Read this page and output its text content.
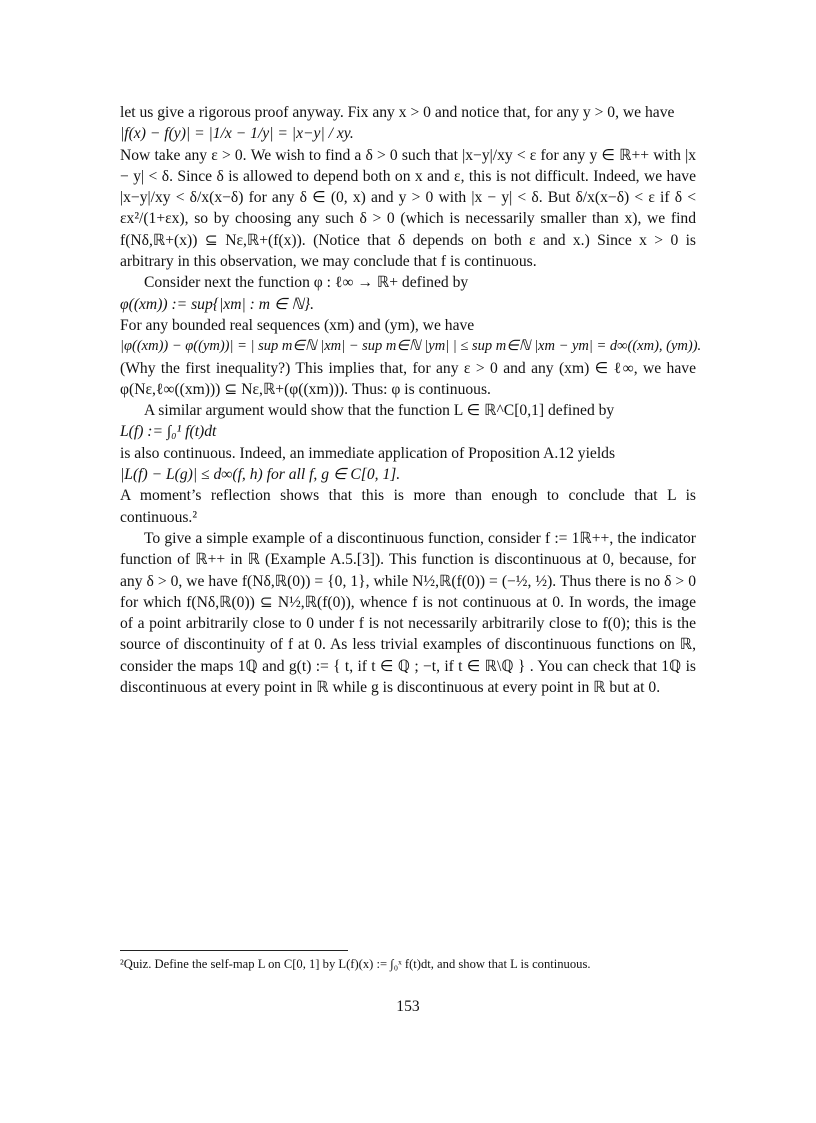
let us give a rigorous proof anyway. Fix any x > 0 and notice that, for any y > 0, we have

|f(x) − f(y)| = |1/x − 1/y| = |x−y| / xy.

Now take any ε > 0. We wish to find a δ > 0 such that |x−y|/xy < ε for any y ∈ ℝ++ with |x − y| < δ. Since δ is allowed to depend both on x and ε, this is not difficult. Indeed, we have |x−y|/xy < δ/x(x−δ) for any δ ∈ (0, x) and y > 0 with |x − y| < δ. But δ/x(x−δ) < ε if δ < εx²/(1+εx), so by choosing any such δ > 0 (which is necessarily smaller than x), we find f(Nδ,ℝ+(x)) ⊆ Nε,ℝ+(f(x)). (Notice that δ depends on both ε and x.) Since x > 0 is arbitrary in this observation, we may conclude that f is continuous.

Consider next the function φ : ℓ∞ → ℝ+ defined by

φ((xm)) := sup{|xm| : m ∈ ℕ}.

For any bounded real sequences (xm) and (ym), we have

|φ((xm)) − φ((ym))| = | sup m∈ℕ |xm| − sup m∈ℕ |ym| | ≤ sup m∈ℕ |xm − ym| = d∞((xm), (ym)).

(Why the first inequality?) This implies that, for any ε > 0 and any (xm) ∈ ℓ∞, we have φ(Nε,ℓ∞((xm))) ⊆ Nε,ℝ+(φ((xm))). Thus: φ is continuous.

A similar argument would show that the function L ∈ ℝ^C[0,1] defined by

L(f) := ∫₀¹ f(t)dt

is also continuous. Indeed, an immediate application of Proposition A.12 yields

|L(f) − L(g)| ≤ d∞(f, h) for all f, g ∈ C[0, 1].

A moment’s reflection shows that this is more than enough to conclude that L is continuous.²

To give a simple example of a discontinuous function, consider f := 1ℝ++, the indicator function of ℝ++ in ℝ (Example A.5.[3]). This function is discontinuous at 0, because, for any δ > 0, we have f(Nδ,ℝ(0)) = {0, 1}, while N½,ℝ(f(0)) = (−½, ½). Thus there is no δ > 0 for which f(Nδ,ℝ(0)) ⊆ N½,ℝ(f(0)), whence f is not continuous at 0. In words, the image of a point arbitrarily close to 0 under f is not necessarily arbitrarily close to f(0); this is the source of discontinuity of f at 0. As less trivial examples of discontinuous functions on ℝ, consider the maps 1ℚ and g(t) := { t, if t ∈ ℚ ; −t, if t ∈ ℝ\ℚ } . You can check that 1ℚ is discontinuous at every point in ℝ while g is discontinuous at every point in ℝ but at 0.

²Quiz. Define the self-map L on C[0, 1] by L(f)(x) := ∫₀ˣ f(t)dt, and show that L is continuous.
153
